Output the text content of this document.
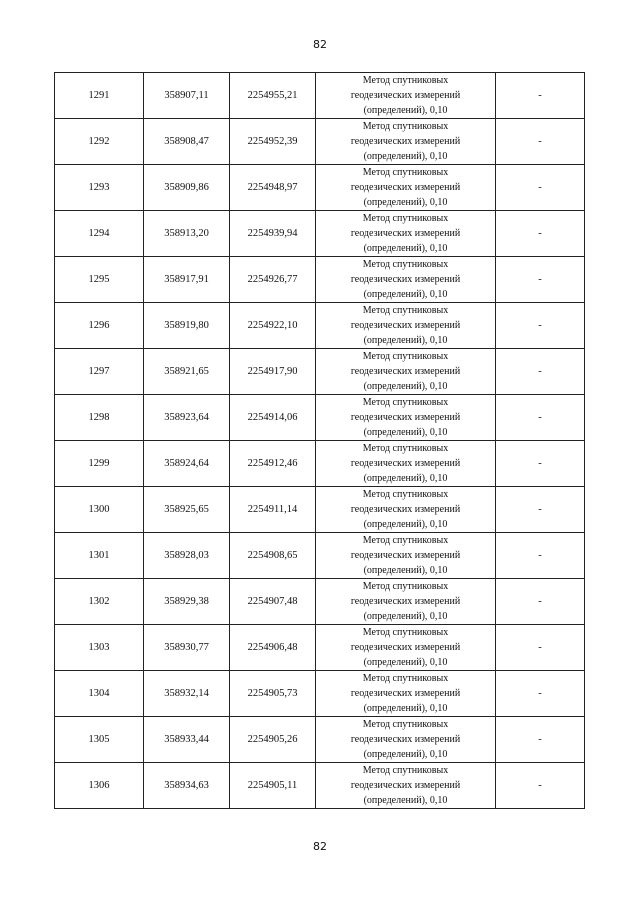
82
1291	358907,11	2254955,21	Метод спутниковых
геодезических измерений
(определений), 0,10	-
1292	358908,47	2254952,39	Метод спутниковых
геодезических измерений
(определений), 0,10	-
1293	358909,86	2254948,97	Метод спутниковых
геодезических измерений
(определений), 0,10	-
1294	358913,20	2254939,94	Метод спутниковых
геодезических измерений
(определений), 0,10	-
1295	358917,91	2254926,77	Метод спутниковых
геодезических измерений
(определений), 0,10	-
1296	358919,80	2254922,10	Метод спутниковых
геодезических измерений
(определений), 0,10	-
1297	358921,65	2254917,90	Метод спутниковых
геодезических измерений
(определений), 0,10	-
1298	358923,64	2254914,06	Метод спутниковых
геодезических измерений
(определений), 0,10	-
1299	358924,64	2254912,46	Метод спутниковых
геодезических измерений
(определений), 0,10	-
1300	358925,65	2254911,14	Метод спутниковых
геодезических измерений
(определений), 0,10	-
1301	358928,03	2254908,65	Метод спутниковых
геодезических измерений
(определений), 0,10	-
1302	358929,38	2254907,48	Метод спутниковых
геодезических измерений
(определений), 0,10	-
1303	358930,77	2254906,48	Метод спутниковых
геодезических измерений
(определений), 0,10	-
1304	358932,14	2254905,73	Метод спутниковых
геодезических измерений
(определений), 0,10	-
1305	358933,44	2254905,26	Метод спутниковых
геодезических измерений
(определений), 0,10	-
1306	358934,63	2254905,11	Метод спутниковых
геодезических измерений
(определений), 0,10	-
82
